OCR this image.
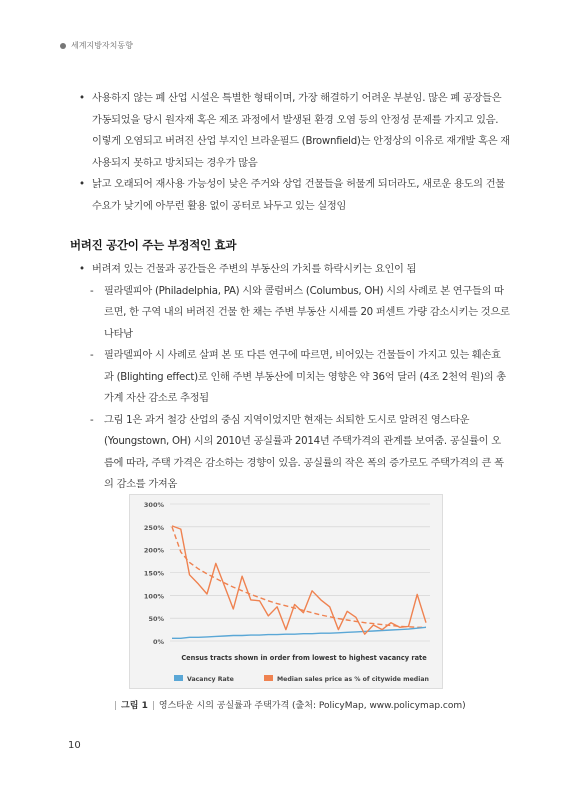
세계지방자치동향
• 사용하지 않는 폐 산업 시설은 특별한 형태이며, 가장 해결하기 어려운 부분임. 많은 폐 공장들은 가동되었을 당시 원자재 혹은 제조 과정에서 발생된 환경 오염 등의 안정성 문제를 가지고 있음. 이렇게 오염되고 버려진 산업 부지인 브라운필드 (Brownfield)는 안정상의 이유로 재개발 혹은 재사용되지 못하고 방치되는 경우가 많음
• 낡고 오래되어 재사용 가능성이 낮은 주거와 상업 건물들을 허물게 되더라도, 새로운 용도의 건물 수요가 낮기에 아무런 활용 없이 공터로 놔두고 있는 실정임
버려진 공간이 주는 부정적인 효과
• 버려져 있는 건물과 공간들은 주변의 부동산의 가치를 하락시키는 요인이 됨
- 필라델피아 (Philadelphia, PA) 시와 콜럼버스 (Columbus, OH) 시의 사례로 본 연구들의 따르면, 한 구역 내의 버려진 건물 한 채는 주변 부동산 시세를 20 퍼센트 가량 감소시키는 것으로 나타남
- 필라델피아 시 사례로 살펴 본 또 다른 연구에 따르면, 비어있는 건물들이 가지고 있는 훼손효과 (Blighting effect)로 인해 주변 부동산에 미치는 영향은 약 36억 달러 (4조 2천억 원)의 총 가계 자산 감소로 추정됨
- 그림 1은 과거 철강 산업의 중심 지역이었지만 현재는 쇠퇴한 도시로 알려진 영스타운 (Youngstown, OH) 시의 2010년 공실률과 2014년 주택가격의 관계를 보여줌. 공실률이 오름에 따라, 주택 가격은 감소하는 경향이 있음. 공실률의 작은 폭의 증가로도 주택가격의 큰 폭의 감소를 가져옴
0%
50%
100%
150%
200%
250%
300%
Census tracts shown in order from lowest to highest vacancy rate
Vacancy Rate	Median sales price as % of citywide median
| 그림 1 | 영스타운 시의 공실률과 주택가격 (출처: PolicyMap, www.policymap.com)
10
